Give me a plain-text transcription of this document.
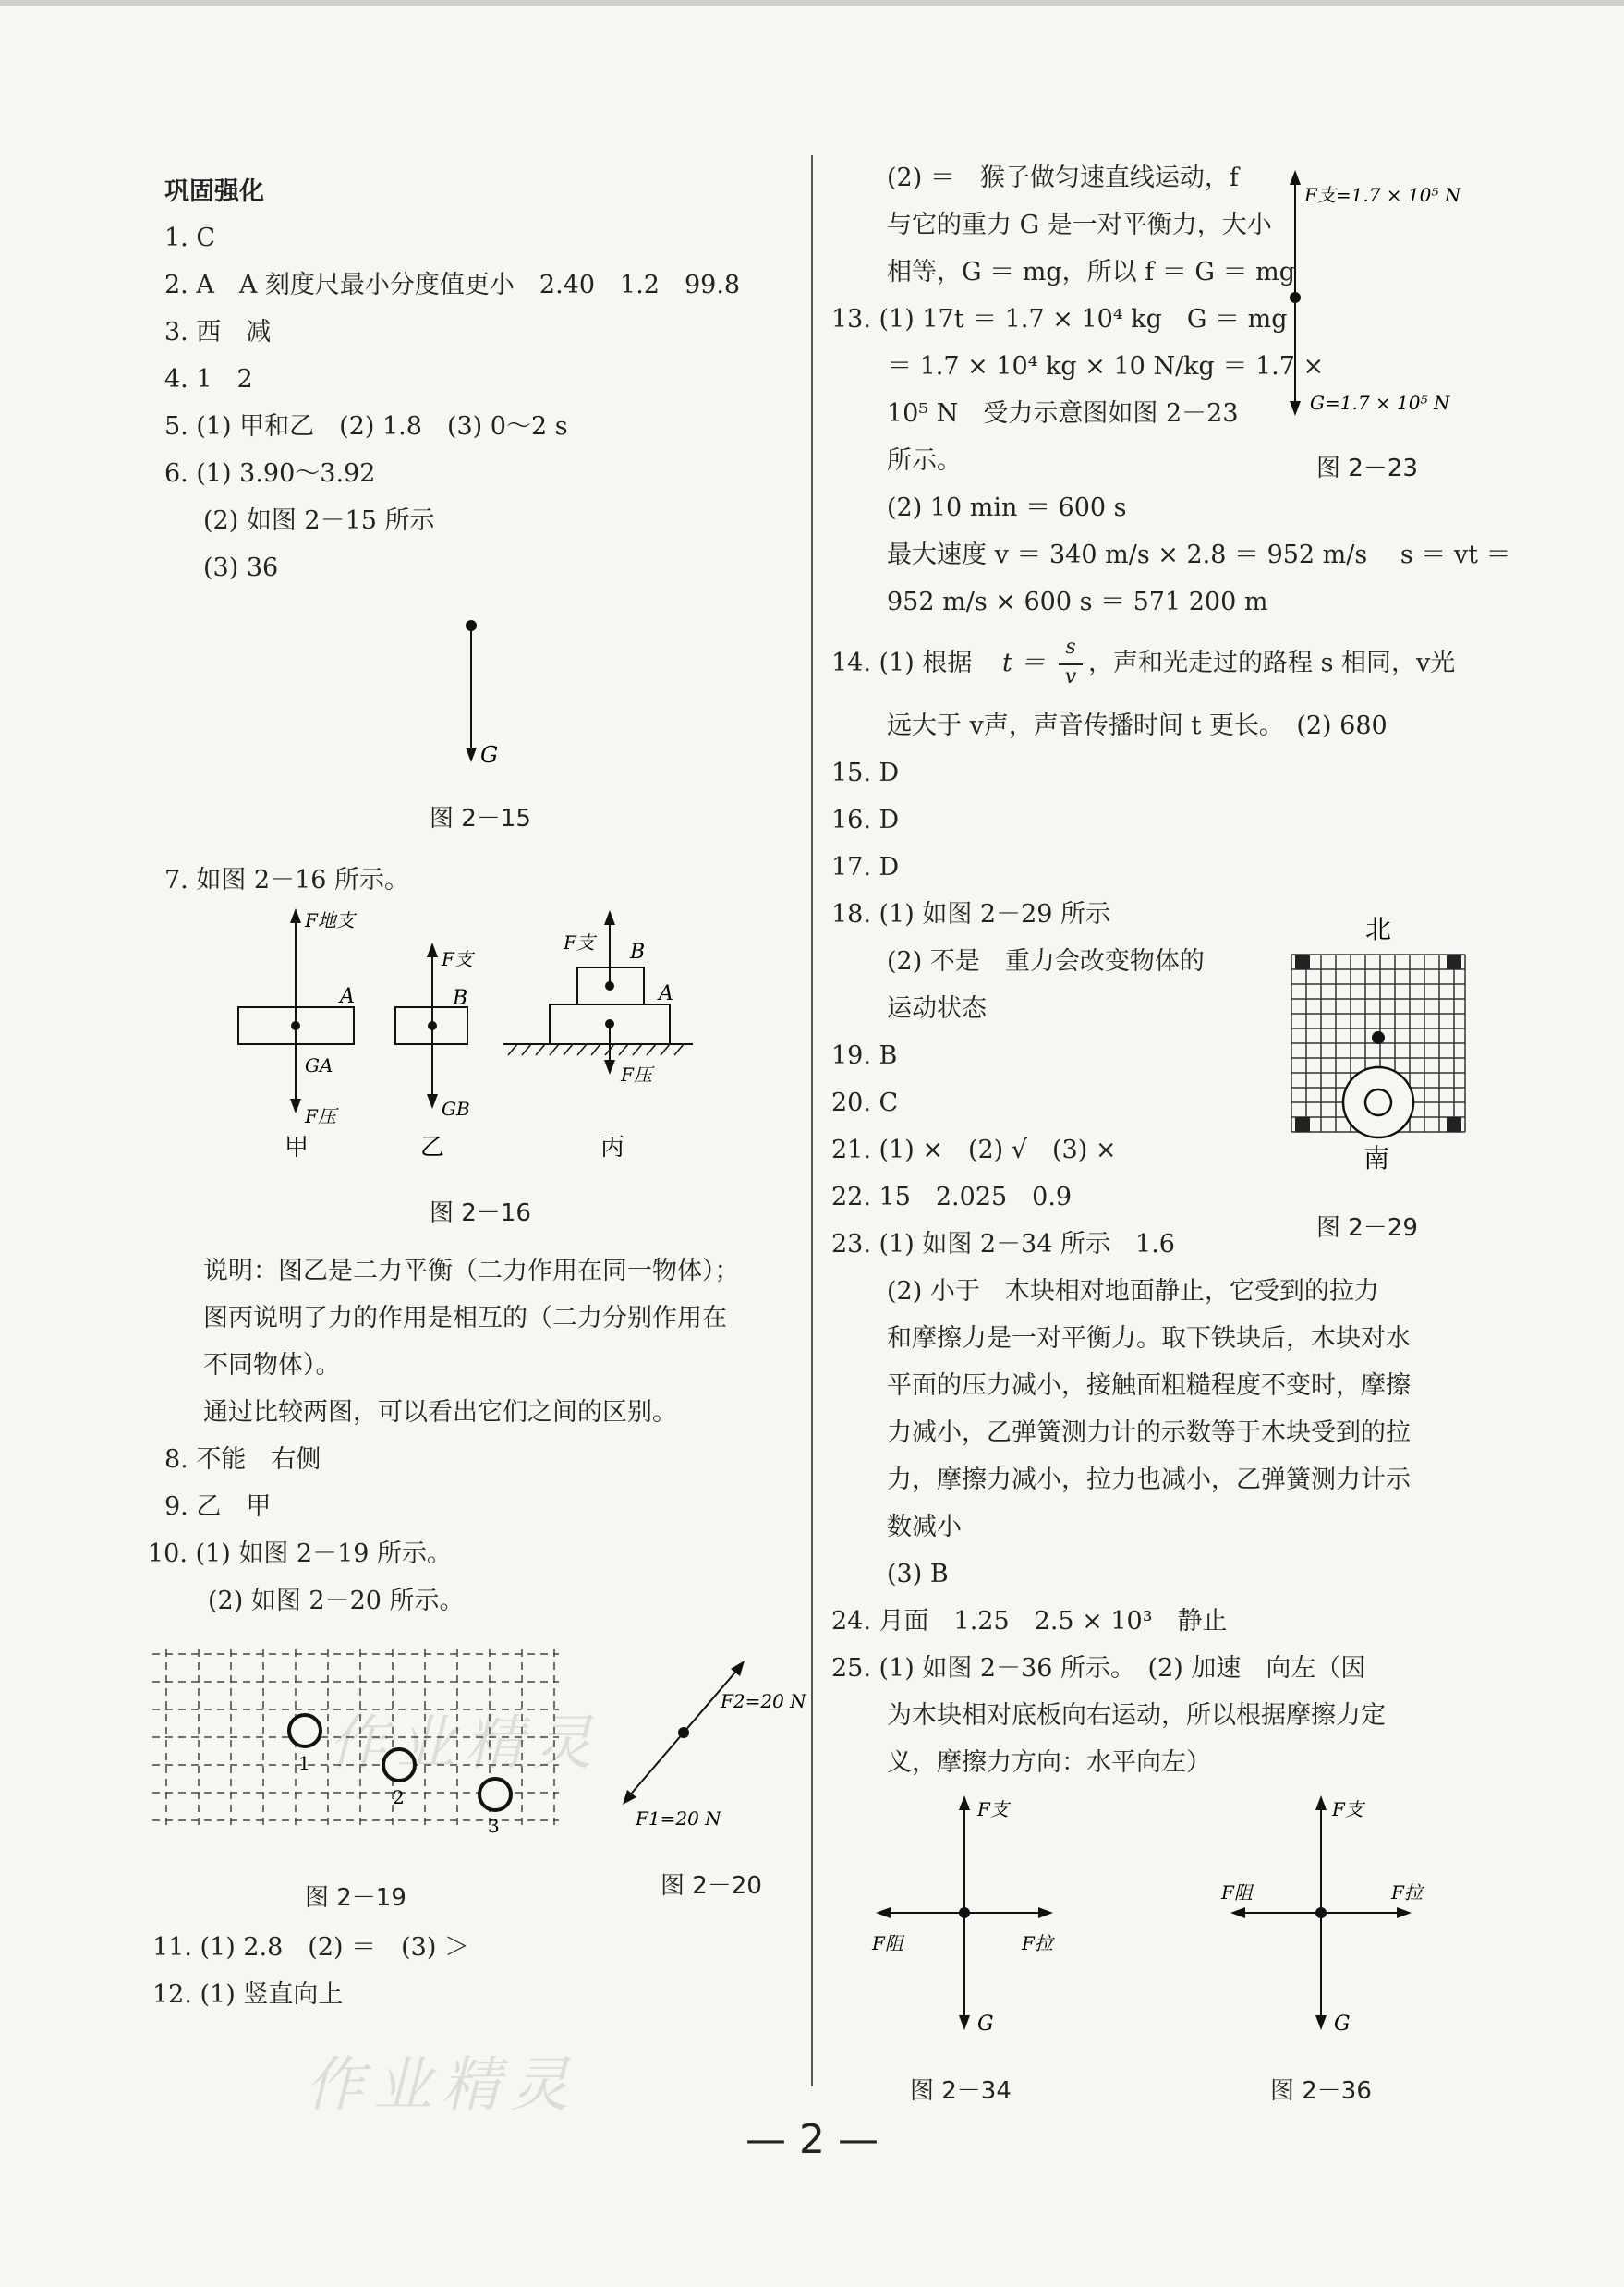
巩固强化
1. C
2. A　A 刻度尺最小分度值更小　2.40　1.2　99.8
3. 西　减
4. 1　2
5. (1) 甲和乙　(2) 1.8　(3) 0～2 s
6. (1) 3.90～3.92
(2) 如图 2－15 所示
(3) 36
G
图 2－15
7. 如图 2－16 所示。
F地支
A
GA
F压
甲
F支
B
GB
乙
F支 B
A
F压
丙
图 2－16
说明：图乙是二力平衡（二力作用在同一物体）；
图丙说明了力的作用是相互的（二力分别作用在
不同物体）。
通过比较两图，可以看出它们之间的区别。
8. 不能　右侧
9. 乙　甲
10. (1) 如图 2－19 所示。
(2) 如图 2－20 所示。
1
2
3
图 2－19
F2=20 N
F1=20 N
图 2－20
11. (1) 2.8　(2) ＝　(3) ＞
12. (1) 竖直向上
(2) ＝　猴子做匀速直线运动，f
与它的重力 G 是一对平衡力，大小
相等，G ＝ mg，所以 f ＝ G ＝ mg
13. (1) 17t ＝ 1.7 × 10⁴ kg　G ＝ mg
＝ 1.7 × 10⁴ kg × 10 N/kg ＝ 1.7 ×
10⁵ N　受力示意图如图 2－23
所示。
(2) 10 min ＝ 600 s
最大速度 v ＝ 340 m/s × 2.8 ＝ 952 m/s　 s ＝ vt ＝
952 m/s × 600 s ＝ 571 200 m
F支=1.7 × 10⁵ N
G=1.7 × 10⁵ N
图 2－23
14. (1) 根据 t ＝
s
v ，声和光走过的路程 s 相同，v光
远大于 v声，声音传播时间 t 更长。　(2) 680
15. D
16. D
17. D
18. (1) 如图 2－29 所示
(2) 不是　重力会改变物体的
运动状态
19. B
20. C
21. (1) ×　(2) √　(3) ×
22. 15　2.025　0.9
23. (1) 如图 2－34 所示　1.6
北
南
图 2－29
(2) 小于　木块相对地面静止，它受到的拉力
和摩擦力是一对平衡力。取下铁块后，木块对水
平面的压力减小，接触面粗糙程度不变时，摩擦
力减小，乙弹簧测力计的示数等于木块受到的拉
力，摩擦力减小，拉力也减小，乙弹簧测力计示
数减小
(3) B
24. 月面　1.25　2.5 × 10³　静止
25. (1) 如图 2－36 所示。　(2) 加速　向左（因
为木块相对底板向右运动，所以根据摩擦力定
义，摩擦力方向：水平向左）
F支
F阻	F拉
G
图 2－34
F支
F阻	F拉
G
图 2－36
作业精灵
作业精灵
— 2 —
